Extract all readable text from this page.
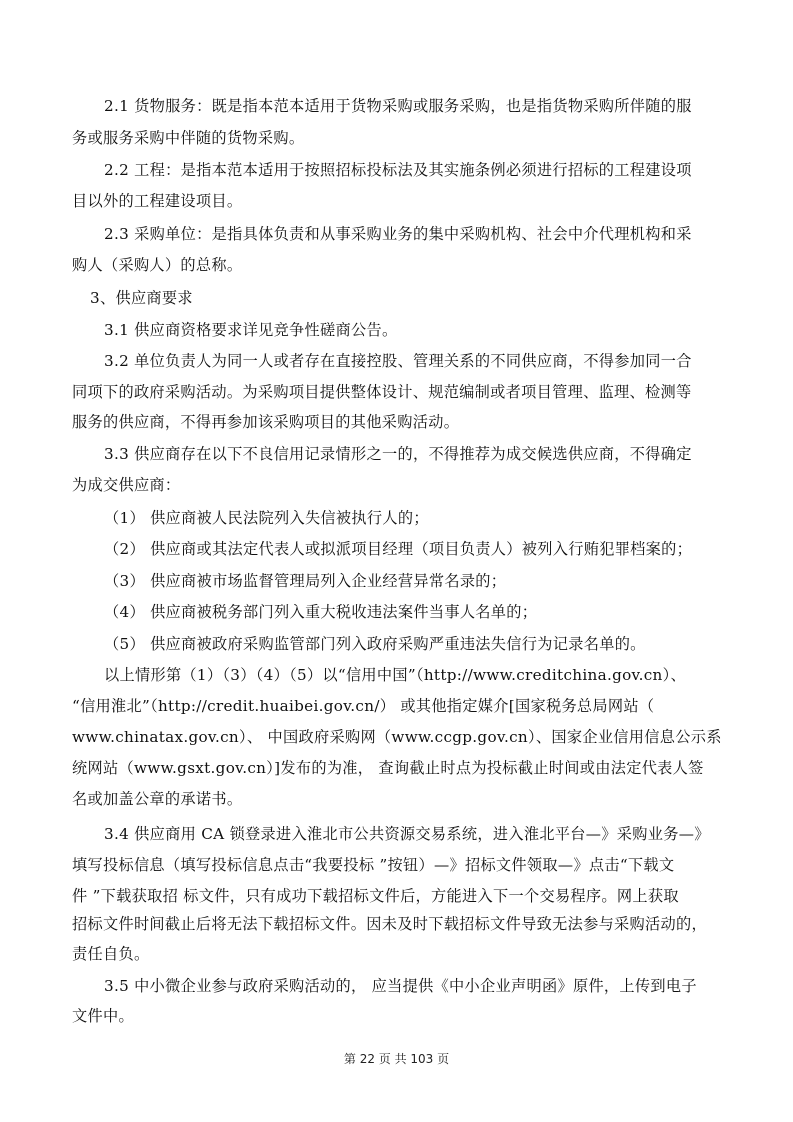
2.1 货物服务：既是指本范本适用于货物采购或服务采购，也是指货物采购所伴随的服
务或服务采购中伴随的货物采购。
2.2 工程：是指本范本适用于按照招标投标法及其实施条例必须进行招标的工程建设项
目以外的工程建设项目。
2.3 采购单位：是指具体负责和从事采购业务的集中采购机构、社会中介代理机构和采
购人（采购人）的总称。
3、供应商要求
3.1 供应商资格要求详见竞争性磋商公告。
3.2 单位负责人为同一人或者存在直接控股、管理关系的不同供应商，不得参加同一合
同项下的政府采购活动。为采购项目提供整体设计、规范编制或者项目管理、监理、检测等
服务的供应商，不得再参加该采购项目的其他采购活动。
3.3 供应商存在以下不良信用记录情形之一的，不得推荐为成交候选供应商，不得确定
为成交供应商：
（1） 供应商被人民法院列入失信被执行人的；
（2） 供应商或其法定代表人或拟派项目经理（项目负责人）被列入行贿犯罪档案的；
（3） 供应商被市场监督管理局列入企业经营异常名录的；
（4） 供应商被税务部门列入重大税收违法案件当事人名单的；
（5） 供应商被政府采购监管部门列入政府采购严重违法失信行为记录名单的。
以上情形第（1）（3）（4）（5）以“信用中国”（http://www.creditchina.gov.cn）、
“信用淮北”（http://credit.huaibei.gov.cn/） 或其他指定媒介[国家税务总局网站（
www.chinatax.gov.cn）、 中国政府采购网（www.ccgp.gov.cn）、国家企业信用信息公示系
统网站（www.gsxt.gov.cn）]发布的为准， 查询截止时点为投标截止时间或由法定代表人签
名或加盖公章的承诺书。
3.4 供应商用 CA 锁登录进入淮北市公共资源交易系统，进入淮北平台—》采购业务—》
填写投标信息（填写投标信息点击“我要投标 ”按钮）—》招标文件领取—》点击“下载文
件 ”下载获取招 标文件，只有成功下载招标文件后，方能进入下一个交易程序。网上获取
招标文件时间截止后将无法下载招标文件。因未及时下载招标文件导致无法参与采购活动的，
责任自负。
3.5 中小微企业参与政府采购活动的， 应当提供《中小企业声明函》原件，上传到电子
文件中。
第 22 页 共 103 页
